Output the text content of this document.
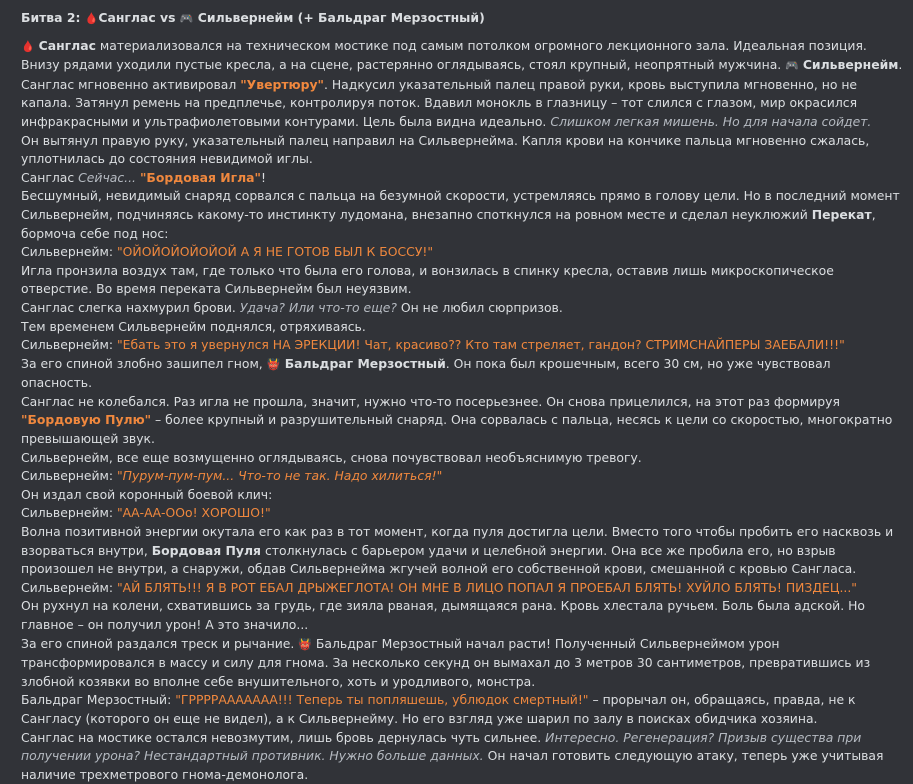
Битва 2: 🩸Санглас vs 🎮 Сильвернейм (+ Бальдраг Мерзостный)

🩸 Санглас материализовался на техническом мостике под самым потолком огромного лекционного зала. Идеальная позиция. Внизу рядами уходили пустые кресла, а на сцене, растерянно оглядываясь, стоял крупный, неопрятный мужчина. 🎮 Сильвернейм.

Санглас мгновенно активировал "Увертюру". Надкусил указательный палец правой руки, кровь выступила мгновенно, но не капала. Затянул ремень на предплечье, контролируя поток. Вдавил монокль в глазницу – тот слился с глазом, мир окрасился инфракрасными и ультрафиолетовыми контурами. Цель была видна идеально. Слишком легкая мишень. Но для начала сойдет.

Он вытянул правую руку, указательный палец направил на Сильвернейма. Капля крови на кончике пальца мгновенно сжалась, уплотнилась до состояния невидимой иглы.

Санглас Сейчас... "Бордовая Игла"!

Бесшумный, невидимый снаряд сорвался с пальца на безумной скорости, устремляясь прямо в голову цели. Но в последний момент Сильвернейм, подчиняясь какому-то инстинкту лудомана, внезапно споткнулся на ровном месте и сделал неуклюжий Перекат, бормоча себе под нос:

Сильвернейм: "ОЙОЙОЙОЙОЙОЙ А Я НЕ ГОТОВ БЫЛ К БОССУ!"

Игла пронзила воздух там, где только что была его голова, и вонзилась в спинку кресла, оставив лишь микроскопическое отверстие. Во время переката Сильвернейм был неуязвим.

Санглас слегка нахмурил брови. Удача? Или что-то еще? Он не любил сюрпризов.

Тем временем Сильвернейм поднялся, отряхиваясь.

Сильвернейм: "Ебать это я увернулся НА ЭРЕКЦИИ! Чат, красиво?? Кто там стреляет, гандон? СТРИМСНАЙПЕРЫ ЗАЕБАЛИ!!!"

За его спиной злобно зашипел гном, 👹 Бальдраг Мерзостный. Он пока был крошечным, всего 30 см, но уже чувствовал опасность.

Санглас не колебался. Раз игла не прошла, значит, нужно что-то посерьезнее. Он снова прицелился, на этот раз формируя "Бордовую Пулю" – более крупный и разрушительный снаряд. Она сорвалась с пальца, несясь к цели со скоростью, многократно превышающей звук.

Сильвернейм, все еще возмущенно оглядываясь, снова почувствовал необъяснимую тревогу.

Сильвернейм: "Пурум-пум-пум... Что-то не так. Надо хилиться!"

Он издал свой коронный боевой клич:

Сильвернейм: "АА-АА-ООо! ХОРОШО!"

Волна позитивной энергии окутала его как раз в тот момент, когда пуля достигла цели. Вместо того чтобы пробить его насквозь и взорваться внутри, Бордовая Пуля столкнулась с барьером удачи и целебной энергии. Она все же пробила его, но взрыв произошел не внутри, а снаружи, обдав Сильвернейма жгучей волной его собственной крови, смешанной с кровью Сангласа.

Сильвернейм: "АЙ БЛЯТЬ!!! Я В РОТ ЕБАЛ ДРЫЖЕГЛОТА! ОН МНЕ В ЛИЦО ПОПАЛ Я ПРОЕБАЛ БЛЯТЬ! ХУЙЛО БЛЯТЬ! ПИЗДЕЦ..."

Он рухнул на колени, схватившись за грудь, где зияла рваная, дымящаяся рана. Кровь хлестала ручьем. Боль была адской. Но главное – он получил урон! А это значило...

За его спиной раздался треск и рычание. 👹 Бальдраг Мерзостный начал расти! Полученный Сильвернеймом урон трансформировался в массу и силу для гнома. За несколько секунд он вымахал до 3 метров 30 сантиметров, превратившись из злобной козявки во вполне себе внушительного, хоть и уродливого, монстра.

Бальдраг Мерзостный: "ГРРРРААААААА!!! Теперь ты попляшешь, ублюдок смертный!" – прорычал он, обращаясь, правда, не к Сангласу (которого он еще не видел), а к Сильвернейму. Но его взгляд уже шарил по залу в поисках обидчика хозяина.

Санглас на мостике остался невозмутим, лишь бровь дернулась чуть сильнее. Интересно. Регенерация? Призыв существа при получении урона? Нестандартный противник. Нужно больше данных. Он начал готовить следующую атаку, теперь уже учитывая наличие трехметрового гнома-демонолога.
